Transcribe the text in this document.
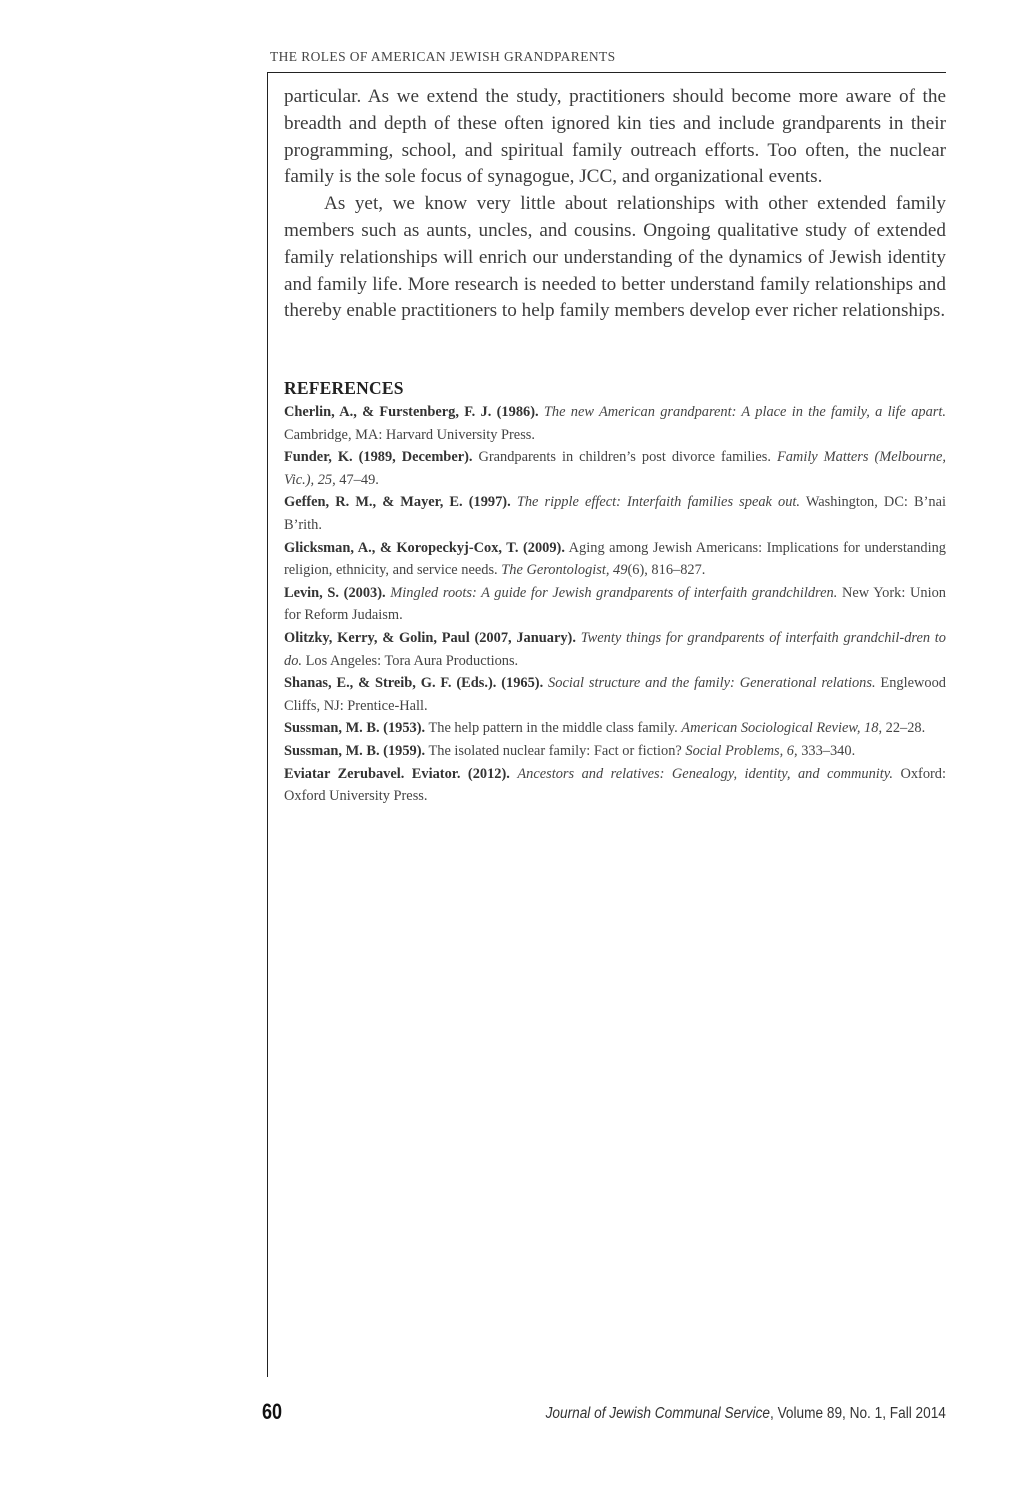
THE ROLES OF AMERICAN JEWISH GRANDPARENTS

particular. As we extend the study, practitioners should become more aware of the breadth and depth of these often ignored kin ties and include grandparents in their programming, school, and spiritual family outreach efforts. Too often, the nuclear family is the sole focus of synagogue, JCC, and organizational events.

As yet, we know very little about relationships with other extended family members such as aunts, uncles, and cousins. Ongoing qualitative study of extended family relationships will enrich our understanding of the dynamics of Jewish identity and family life. More research is needed to better understand family relationships and thereby enable practitioners to help family members develop ever richer relationships.

REFERENCES

Cherlin, A., & Furstenberg, F. J. (1986). The new American grandparent: A place in the family, a life apart. Cambridge, MA: Harvard University Press.

Funder, K. (1989, December). Grandparents in children’s post divorce families. Family Matters (Melbourne, Vic.), 25, 47–49.

Geffen, R. M., & Mayer, E. (1997). The ripple effect: Interfaith families speak out. Washington, DC: B’nai B’rith.

Glicksman, A., & Koropeckyj-Cox, T. (2009). Aging among Jewish Americans: Implications for understanding religion, ethnicity, and service needs. The Gerontologist, 49(6), 816–827.

Levin, S. (2003). Mingled roots: A guide for Jewish grandparents of interfaith grandchildren. New York: Union for Reform Judaism.

Olitzky, Kerry, & Golin, Paul (2007, January). Twenty things for grandparents of interfaith grandchil-dren to do. Los Angeles: Tora Aura Productions.

Shanas, E., & Streib, G. F. (Eds.). (1965). Social structure and the family: Generational relations. Englewood Cliffs, NJ: Prentice-Hall.

Sussman, M. B. (1953). The help pattern in the middle class family. American Sociological Review, 18, 22–28.

Sussman, M. B. (1959). The isolated nuclear family: Fact or fiction? Social Problems, 6, 333–340.

Eviatar Zerubavel. Eviator. (2012). Ancestors and relatives: Genealogy, identity, and community. Oxford: Oxford University Press.

60	Journal of Jewish Communal Service, Volume 89, No. 1, Fall 2014
